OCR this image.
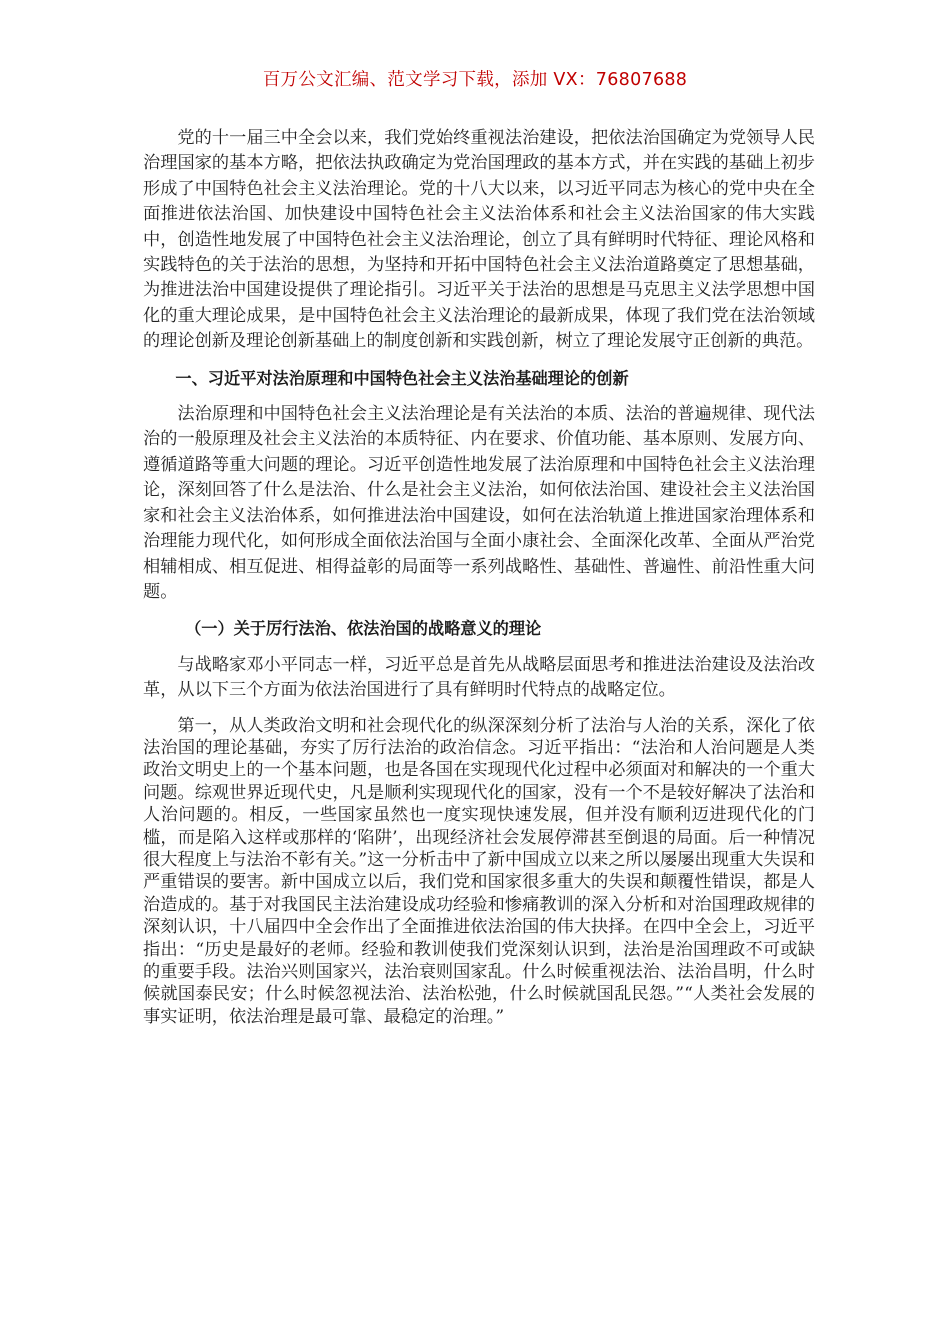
百万公文汇编、范文学习下载，添加 VX：76807688

党的十一届三中全会以来，我们党始终重视法治建设，把依法治国确定为党领导人民治理国家的基本方略，把依法执政确定为党治国理政的基本方式，并在实践的基础上初步形成了中国特色社会主义法治理论。党的十八大以来，以习近平同志为核心的党中央在全面推进依法治国、加快建设中国特色社会主义法治体系和社会主义法治国家的伟大实践中，创造性地发展了中国特色社会主义法治理论，创立了具有鲜明时代特征、理论风格和实践特色的关于法治的思想，为坚持和开拓中国特色社会主义法治道路奠定了思想基础，为推进法治中国建设提供了理论指引。习近平关于法治的思想是马克思主义法学思想中国化的重大理论成果，是中国特色社会主义法治理论的最新成果，体现了我们党在法治领域的理论创新及理论创新基础上的制度创新和实践创新，树立了理论发展守正创新的典范。

一、习近平对法治原理和中国特色社会主义法治基础理论的创新

法治原理和中国特色社会主义法治理论是有关法治的本质、法治的普遍规律、现代法治的一般原理及社会主义法治的本质特征、内在要求、价值功能、基本原则、发展方向、遵循道路等重大问题的理论。习近平创造性地发展了法治原理和中国特色社会主义法治理论，深刻回答了什么是法治、什么是社会主义法治，如何依法治国、建设社会主义法治国家和社会主义法治体系，如何推进法治中国建设，如何在法治轨道上推进国家治理体系和治理能力现代化，如何形成全面依法治国与全面小康社会、全面深化改革、全面从严治党相辅相成、相互促进、相得益彰的局面等一系列战略性、基础性、普遍性、前沿性重大问题。

（一）关于厉行法治、依法治国的战略意义的理论

与战略家邓小平同志一样，习近平总是首先从战略层面思考和推进法治建设及法治改革，从以下三个方面为依法治国进行了具有鲜明时代特点的战略定位。

第一，从人类政治文明和社会现代化的纵深深刻分析了法治与人治的关系，深化了依法治国的理论基础，夯实了厉行法治的政治信念。习近平指出：“法治和人治问题是人类政治文明史上的一个基本问题，也是各国在实现现代化过程中必须面对和解决的一个重大问题。综观世界近现代史，凡是顺利实现现代化的国家，没有一个不是较好解决了法治和人治问题的。相反，一些国家虽然也一度实现快速发展，但并没有顺利迈进现代化的门槛，而是陷入这样或那样的‘陷阱’，出现经济社会发展停滞甚至倒退的局面。后一种情况很大程度上与法治不彰有关。”这一分析击中了新中国成立以来之所以屡屡出现重大失误和严重错误的要害。新中国成立以后，我们党和国家很多重大的失误和颠覆性错误，都是人治造成的。基于对我国民主法治建设成功经验和惨痛教训的深入分析和对治国理政规律的深刻认识，十八届四中全会作出了全面推进依法治国的伟大抉择。在四中全会上，习近平指出：“历史是最好的老师。经验和教训使我们党深刻认识到，法治是治国理政不可或缺的重要手段。法治兴则国家兴，法治衰则国家乱。什么时候重视法治、法治昌明，什么时候就国泰民安；什么时候忽视法治、法治松弛，什么时候就国乱民怨。”“人类社会发展的事实证明，依法治理是最可靠、最稳定的治理。”
